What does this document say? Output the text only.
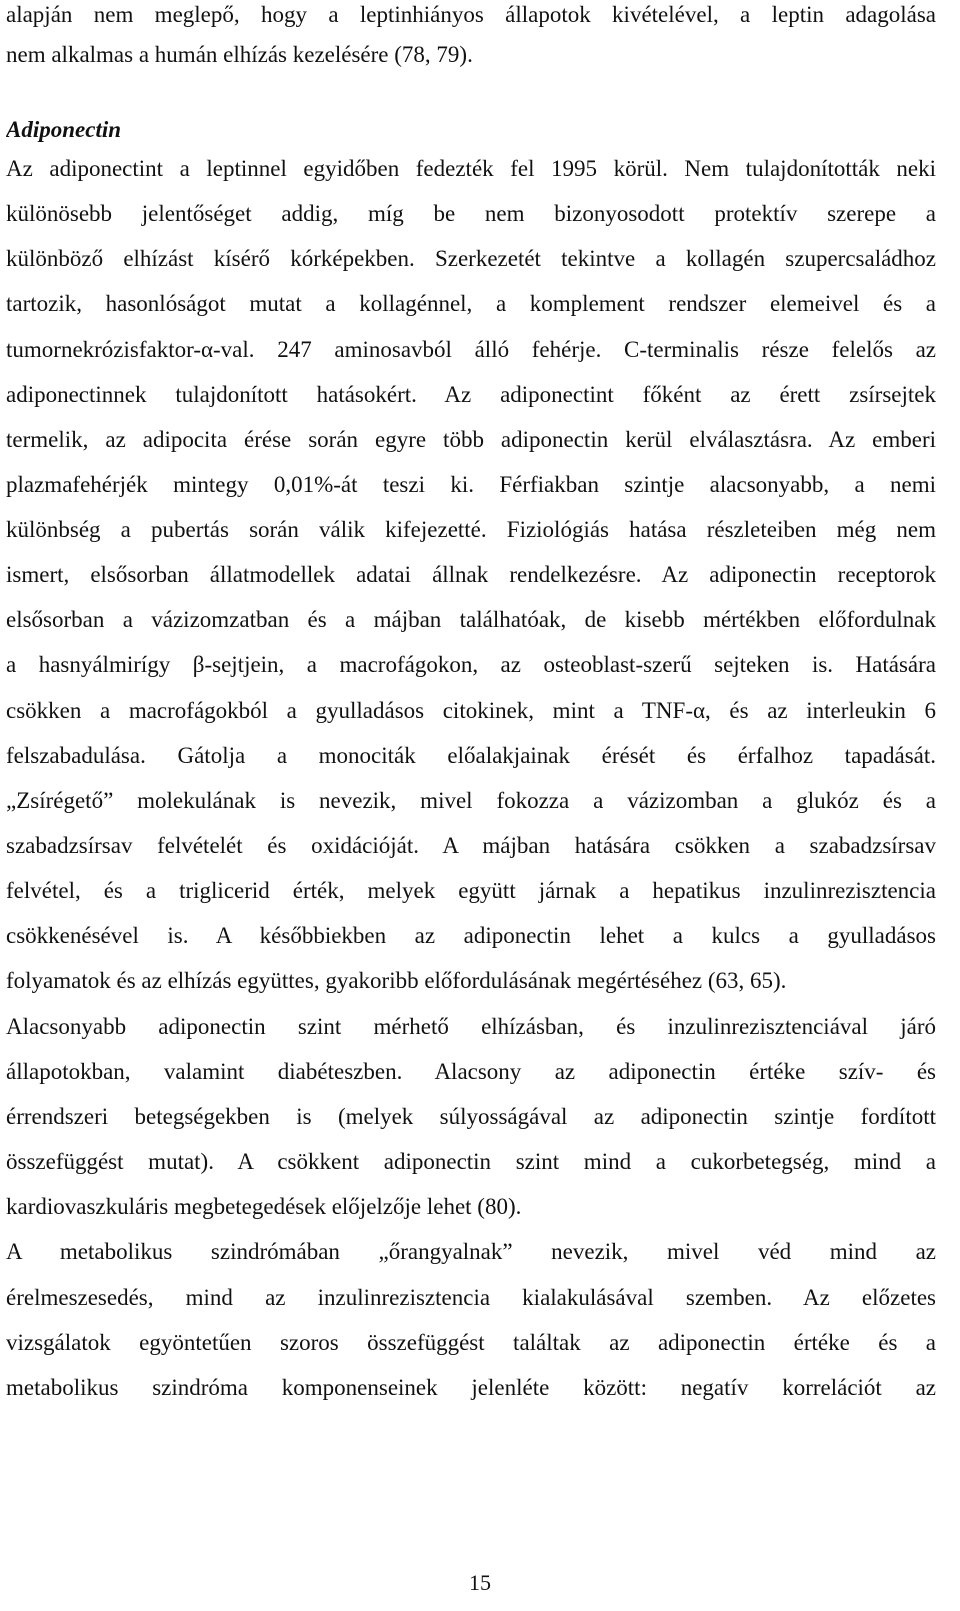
alapján nem meglepő, hogy a leptinhiányos állapotok kivételével, a leptin adagolása
nem alkalmas a humán elhízás kezelésére (78, 79).
Adiponectin
Az adiponectint a leptinnel egyidőben fedezték fel 1995 körül. Nem tulajdonították neki
különösebb jelentőséget addig, míg be nem bizonyosodott protektív szerepe a
különböző elhízást kísérő kórképekben. Szerkezetét tekintve a kollagén szupercsaládhoz
tartozik, hasonlóságot mutat a kollagénnel, a komplement rendszer elemeivel és a
tumornekrózisfaktor-α-val. 247 aminosavból álló fehérje. C-terminalis része felelős az
adiponectinnek tulajdonított hatásokért. Az adiponectint főként az érett zsírsejtek
termelik, az adipocita érése során egyre több adiponectin kerül elválasztásra. Az emberi
plazmafehérjék mintegy 0,01%-át teszi ki. Férfiakban szintje alacsonyabb, a nemi
különbség a pubertás során válik kifejezetté. Fiziológiás hatása részleteiben még nem
ismert, elsősorban állatmodellek adatai állnak rendelkezésre. Az adiponectin receptorok
elsősorban a vázizomzatban és a májban találhatóak, de kisebb mértékben előfordulnak
a hasnyálmirígy β-sejtjein, a macrofágokon, az osteoblast-szerű sejteken is. Hatására
csökken a macrofágokból a gyulladásos citokinek, mint a TNF-α, és az interleukin 6
felszabadulása. Gátolja a monociták előalakjainak érését és érfalhoz tapadását.
„Zsírégető” molekulának is nevezik, mivel fokozza a vázizomban a glukóz és a
szabadzsírsav felvételét és oxidációját. A májban hatására csökken a szabadzsírsav
felvétel, és a triglicerid érték, melyek együtt járnak a hepatikus inzulinrezisztencia
csökkenésével is. A későbbiekben az adiponectin lehet a kulcs a gyulladásos
folyamatok és az elhízás együttes, gyakoribb előfordulásának megértéséhez (63, 65).
Alacsonyabb adiponectin szint mérhető elhízásban, és inzulinrezisztenciával járó
állapotokban, valamint diabéteszben. Alacsony az adiponectin értéke szív- és
érrendszeri betegségekben is (melyek súlyosságával az adiponectin szintje fordított
összefüggést mutat). A csökkent adiponectin szint mind a cukorbetegség, mind a
kardiovaszkuláris megbetegedések előjelzője lehet (80).
A metabolikus szindrómában „őrangyalnak” nevezik, mivel véd mind az
érelmeszesedés, mind az inzulinrezisztencia kialakulásával szemben. Az előzetes
vizsgálatok egyöntetűen szoros összefüggést találtak az adiponectin értéke és a
metabolikus szindróma komponenseinek jelenléte között: negatív korrelációt az
15
